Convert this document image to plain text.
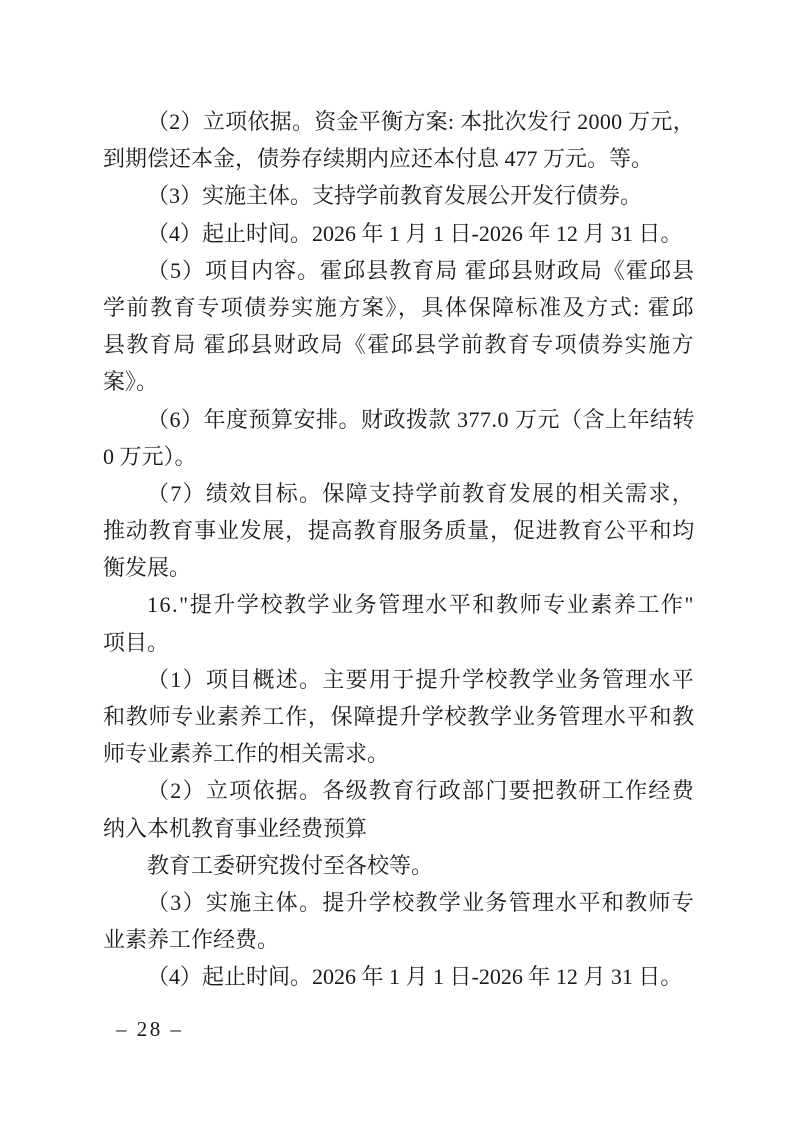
（2）立项依据。资金平衡方案: 本批次发行 2000 万元，
到期偿还本金，债券存续期内应还本付息 477 万元。等。
（3）实施主体。支持学前教育发展公开发行债券。
（4）起止时间。2026 年 1 月 1 日-2026 年 12 月 31 日。
（5）项目内容。霍邱县教育局 霍邱县财政局《霍邱县
学前教育专项债券实施方案》，具体保障标准及方式: 霍邱
县教育局 霍邱县财政局《霍邱县学前教育专项债券实施方
案》。
（6）年度预算安排。财政拨款 377.0 万元（含上年结转
0 万元）。
（7）绩效目标。保障支持学前教育发展的相关需求，
推动教育事业发展，提高教育服务质量，促进教育公平和均
衡发展。
16."提升学校教学业务管理水平和教师专业素养工作"
项目。
（1）项目概述。主要用于提升学校教学业务管理水平
和教师专业素养工作，保障提升学校教学业务管理水平和教
师专业素养工作的相关需求。
（2）立项依据。各级教育行政部门要把教研工作经费
纳入本机教育事业经费预算
教育工委研究拨付至各校等。
（3）实施主体。提升学校教学业务管理水平和教师专
业素养工作经费。
（4）起止时间。2026 年 1 月 1 日-2026 年 12 月 31 日。
– 28 –
